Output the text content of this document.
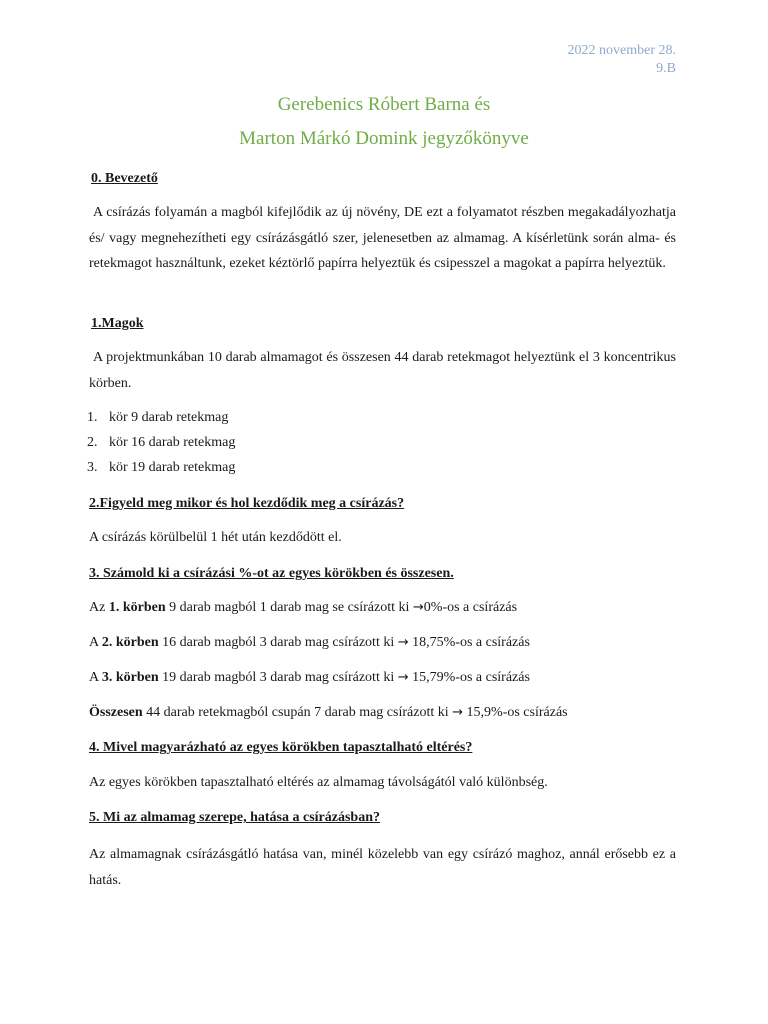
2022 november 28.
9.B
Gerebenics Róbert Barna és
Marton Márkó Domink jegyzőkönyve
0. Bevezető
A csírázás folyamán a magból kifejlődik az új növény, DE ezt a folyamatot részben megakadályozhatja és/ vagy megnehezítheti egy csírázásgátló szer, jelenesetben az almamag. A kísérletünk során alma- és retekmagot használtunk, ezeket kéztörlő papírra helyeztük és csipesszel a magokat a papírra helyeztük.
1.Magok
A projektmunkában 10 darab almamagot és összesen 44 darab retekmagot helyeztünk el 3 koncentrikus körben.
1. kör 9 darab retekmag
2. kör 16 darab retekmag
3. kör 19 darab retekmag
2.Figyeld meg mikor és hol kezdődik meg a csírázás?
A csírázás körülbelül 1 hét után kezdődött el.
3. Számold ki a csírázási %-ot az egyes körökben és összesen.
Az 1. körben 9 darab magból 1 darab mag se csírázott ki →0%-os a csírázás
A 2. körben 16 darab magból 3 darab mag csírázott ki → 18,75%-os a csírázás
A 3. körben 19 darab magból 3 darab mag csírázott ki → 15,79%-os a csírázás
Összesen 44 darab retekmagból csupán 7 darab mag csírázott ki → 15,9%-os csírázás
4. Mivel magyarázható az egyes körökben tapasztalható eltérés?
Az egyes körökben tapasztalható eltérés az almamag távolságától való különbség.
5. Mi az almamag szerepe, hatása a csírázásban?
Az almamagnak csírázásgátló hatása van, minél közelebb van egy csírázó maghoz, annál erősebb ez a hatás.
